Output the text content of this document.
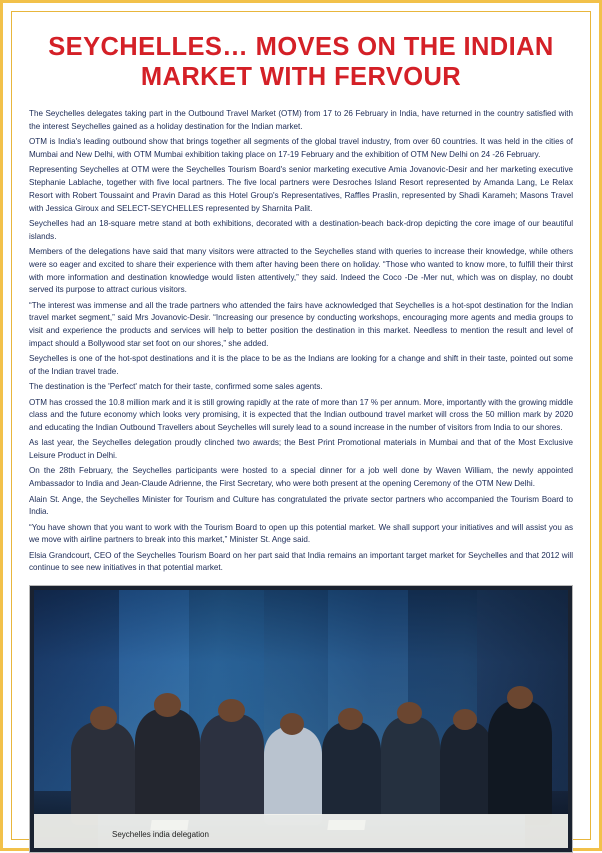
SEYCHELLES… MOVES ON THE INDIAN
MARKET WITH FERVOUR

The Seychelles delegates taking part in the Outbound Travel Market (OTM) from 17 to 26 February in India, have returned in the country satisfied with the interest Seychelles gained as a holiday destination for the Indian market.

OTM is India's leading outbound show that brings together all segments of the global travel industry, from over 60 countries. It was held in the cities of Mumbai and New Delhi, with OTM Mumbai exhibition taking place on 17-19 February and the exhibition of OTM New Delhi on 24 -26 February.

Representing Seychelles at OTM were the Seychelles Tourism Board's senior marketing executive Amia Jovanovic-Desir and her marketing executive Stephanie Lablache, together with five local partners. The five local partners were Desroches Island Resort represented by Amanda Lang, Le Relax Resort with Robert Toussaint and Pravin Darad as this Hotel Group's Representatives, Raffles Praslin, represented by Shadi Karameh; Masons Travel with Jessica Giroux and SELECT-SEYCHELLES represented by Sharnita Palit.

Seychelles had an 18-square metre stand at both exhibitions, decorated with a destination-beach back-drop depicting the core image of our beautiful islands.

Members of the delegations have said that many visitors were attracted to the Seychelles stand with queries to increase their knowledge, while others were so eager and excited to share their experience with them after having been there on holiday. “Those who wanted to know more, to fulfill their thirst with more information and destination knowledge would listen attentively,” they said. Indeed the Coco -De -Mer nut, which was on display, no doubt served its purpose to attract curious visitors.

“The interest was immense and all the trade partners who attended the fairs have acknowledged that Seychelles is a hot-spot destination for the Indian travel market segment,” said Mrs Jovanovic-Desir. “Increasing our presence by conducting workshops, encouraging more agents and media groups to visit and experience the products and services will help to better position the destination in this market. Needless to mention the result and level of impact should a Bollywood star set foot on our shores,” she added.

Seychelles is one of the hot-spot destinations and it is the place to be as the Indians are looking for a change and shift in their taste, pointed out some of the Indian travel trade.

The destination is the 'Perfect' match for their taste, confirmed some sales agents.

OTM has crossed the 10.8 million mark and it is still growing rapidly at the rate of more than 17 % per annum. More, importantly with the growing middle class and the future economy which looks very promising, it is expected that the Indian outbound travel market will cross the 50 million mark by 2020 and educating the Indian Outbound Travellers about Seychelles will surely lead to a sound increase in the number of visitors from India to our shores.

As last year, the Seychelles delegation proudly clinched two awards; the Best Print Promotional materials in Mumbai and that of the Most Exclusive Leisure Product in Delhi.

On the 28th February, the Seychelles participants were hosted to a special dinner for a job well done by Waven William, the newly appointed Ambassador to India and Jean-Claude Adrienne, the First Secretary, who were both present at the opening Ceremony of the OTM New Delhi.

Alain St. Ange, the Seychelles Minister for Tourism and Culture has congratulated the private sector partners who accompanied the Tourism Board to India.

“You have shown that you want to work with the Tourism Board to open up this potential market. We shall support your initiatives and will assist you as we move with airline partners to break into this market,” Minister St. Ange said.

Elsia Grandcourt, CEO of the Seychelles Tourism Board on her part said that India remains an important target market for Seychelles and that 2012 will continue to see new initiatives in that potential market.

Seychelles india delegation
